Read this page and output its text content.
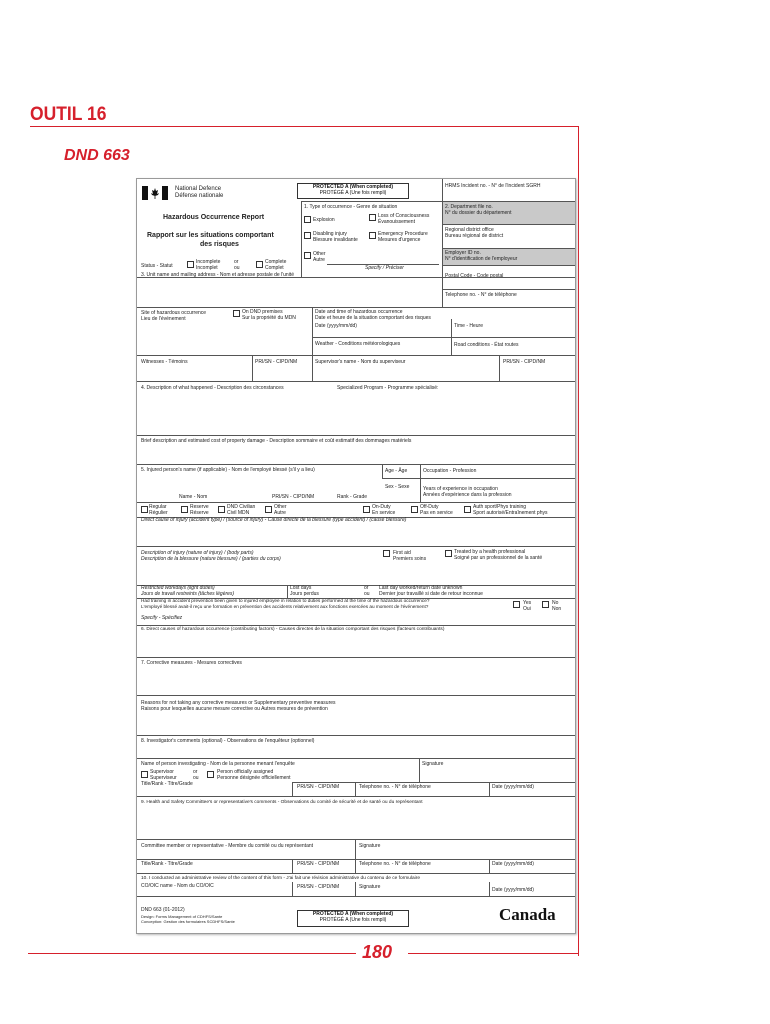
OUTIL 16
DND 663
National Defence
Défense nationale
Hazardous Occurrence Report
Rapport sur les situations comportant
des risques
PROTECTED A (When completed)
PROTÉGÉ A (Une fois rempli)
HRMS Incident no. - N° de l'incident SGRH
1. Type of occurrence - Genre de situation
Explosion
Loss of Consciousness
Évanouissement
Disabling injury
Blessure invalidante
Emergency Procedure
Mesures d'urgence
Other
Autre
Specify / Préciser
2. Department file no.
N° du dossier du département
Regional district office
Bureau régional de district
Employer ID no.
N° d'identification de l'employeur
Status - Statut
Incomplete
Incomplet
or
ou
Complete
Complet
3. Unit name and mailing address - Nom et adresse postale de l'unité	Postal Code - Code postal
Telephone no. - N° de téléphone
Site of hazardous occurrence
Lieu de l'événement
On DND premises
Sur la propriété du MDN
Date and time of hazardous occurrence
Date et heure de la situation comportant des risques
Date (yyyy/mm/dd)	Time - Heure
Weather - Conditions météorologiques	Road conditions - État routes
Witnesses - Témoins	PRI/SN - CIPD/NM	Supervisor's name - Nom du superviseur	PRI/SN - CIPD/NM
4. Description of what happened - Description des circonstances	Specialized Program - Programme spécialisé:
Brief description and estimated cost of property damage - Description sommaire et coût estimatif des dommages matériels
5. Injured person's name (if applicable) - Nom de l'employé blessé (s'il y a lieu)	Age - Âge	Occupation - Profession
Sex - Sexe	Years of experience in occupation
Années d'expérience dans la profession
Name - Nom	PRI/SN - CIPD/NM	Rank - Grade
Regular
Régulier
Reserve
Réserve
DND Civilian
Civil MDN
Other
Autre
On-Duty
En service
Off-Duty
Pas en service
Auth sport/Phys training
Sport autorisé/Entraînement phys
Direct cause of injury (accident type) / (source of injury) - Cause directe de la blessure (type accident) / (cause blessure)
Description of injury (nature of injury) / (body parts)
Description de la blessure (nature blessure) / (parties du corps)
First aid
Premiers soins
Treated by a health professional
Soigné par un professionnel de la santé
Restricted workdays (light duties)
Jours de travail restreints (tâches légères)
Lost days
Jours perdus
or
ou
Last day worked/return date unknown
Dernier jour travaillé si date de retour inconnue
Had training in accident prevention been given to injured employee in relation to duties performed at the time of the hazardous occurrence?
L'employé blessé avait-il reçu une formation en prévention des accidents relativement aux fonctions exercées au moment de l'événement?
Yes
Oui
No
Non
Specify - Spécifiez
6. Direct causes of hazardous occurrence (contributing factors) - Causes directes de la situation comportant des risques (facteurs contribuants)
7. Corrective measures - Mesures correctives
Reasons for not taking any corrective measures or Supplementary preventive measures
Raisons pour lesquelles aucune mesure corrective ou Autres mesures de prévention
8. Investigator's comments (optional) - Observations de l'enquêteur (optionnel)
Name of person investigating - Nom de la personne menant l'enquête	Signature
Supervisor
Superviseur
or
ou
Person officially assigned
Personne désignée officiellement
Title/Rank - Titre/Grade	PRI/SN - CIPD/NM	Telephone no. - N° de téléphone	Date (yyyy/mm/dd)
9. Health and Safety Committee's or representative's comments - Observations du comité de sécurité et de santé ou du représentant
Committee member or representative - Membre du comité ou du représentant	Signature
Title/Rank - Titre/Grade	PRI/SN - CIPD/NM	Telephone no. - N° de téléphone	Date (yyyy/mm/dd)
10. I conducted an administrative review of the content of this form - J'ai fait une révision administrative du contenu de ce formulaire
CO/OIC name - Nom du CO/OIC	PRI/SN - CIPD/NM	Signature	Date (yyyy/mm/dd)
DND 663 (01-2012)
Design: Forms Management of CDHFS/Sante
Conception: Gestion des formulaires SCDHFS/Sante
PROTECTED A (When completed)
PROTÉGÉ A (Une fois rempli)	Canada
180
